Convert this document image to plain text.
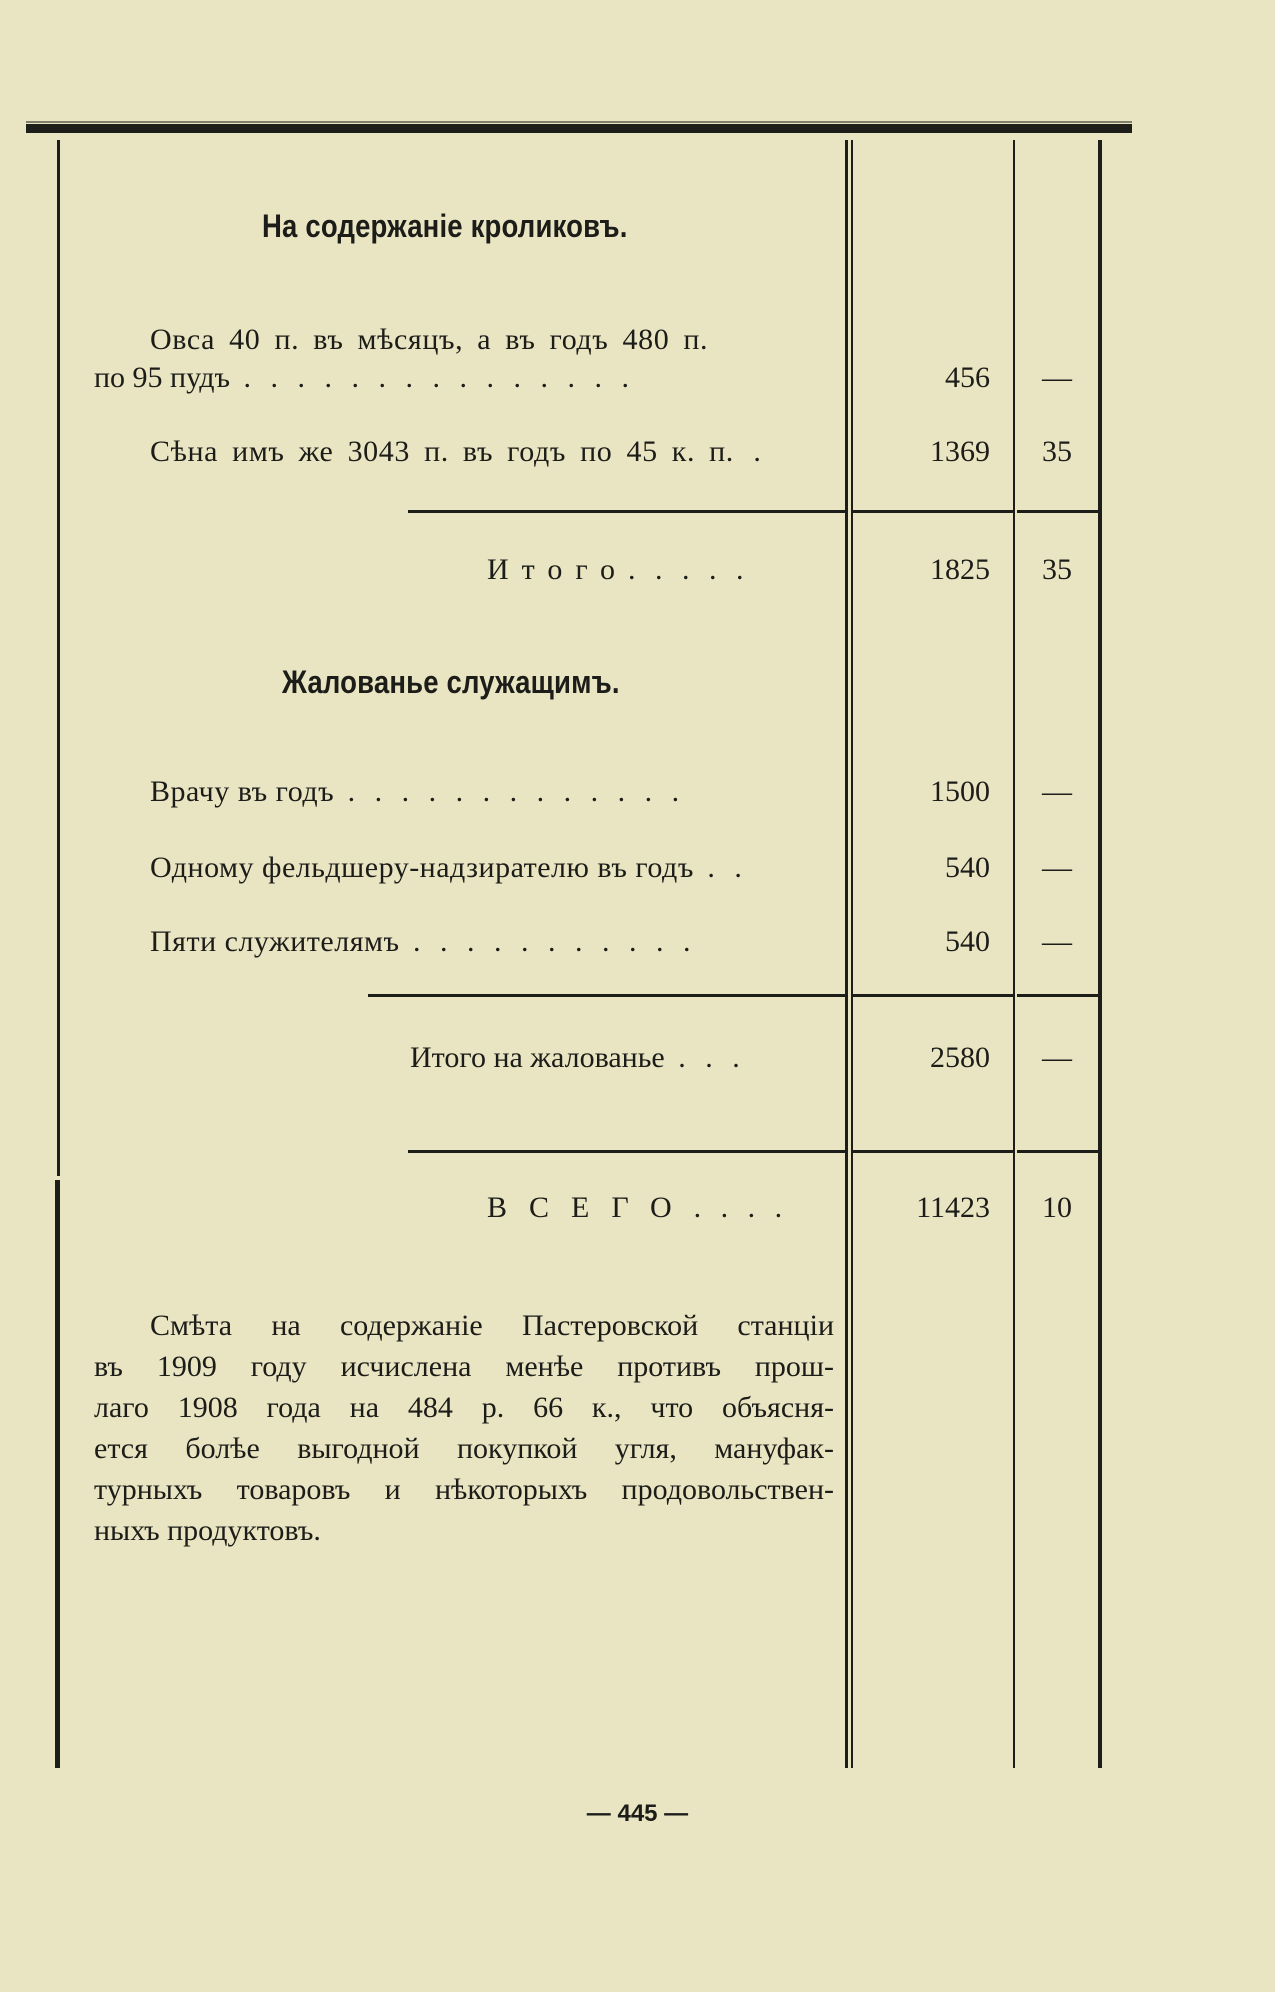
На содержаніе кроликовъ.
Овса 40 п. въ мѣсяцъ, а въ годъ 480 п.
по 95 пудъ . . . . . . . . . . . . . . .	456	—
Сѣна имъ же 3043 п. въ годъ по 45 к. п. .	1369	35
Итого. . . . .	1825	35
Жалованье служащимъ.
Врачу въ годъ . . . . . . . . . . . . .	1500	—
Одному фельдшеру-надзирателю въ годъ . .	540	—
Пяти служителямъ . . . . . . . . . . .	540	—
Итого на жалованье . . .	2580	—
ВСЕГО. . . .	11423	10
Смѣта на содержаніе Пастеровской станціи
въ 1909 году исчислена менѣе противъ прош-
лаго 1908 года на 484 р. 66 к., что объясня-
ется болѣе выгодной покупкой угля, мануфак-
турныхъ товаровъ и нѣкоторыхъ продовольствен-
ныхъ продуктовъ.
— 445 —
